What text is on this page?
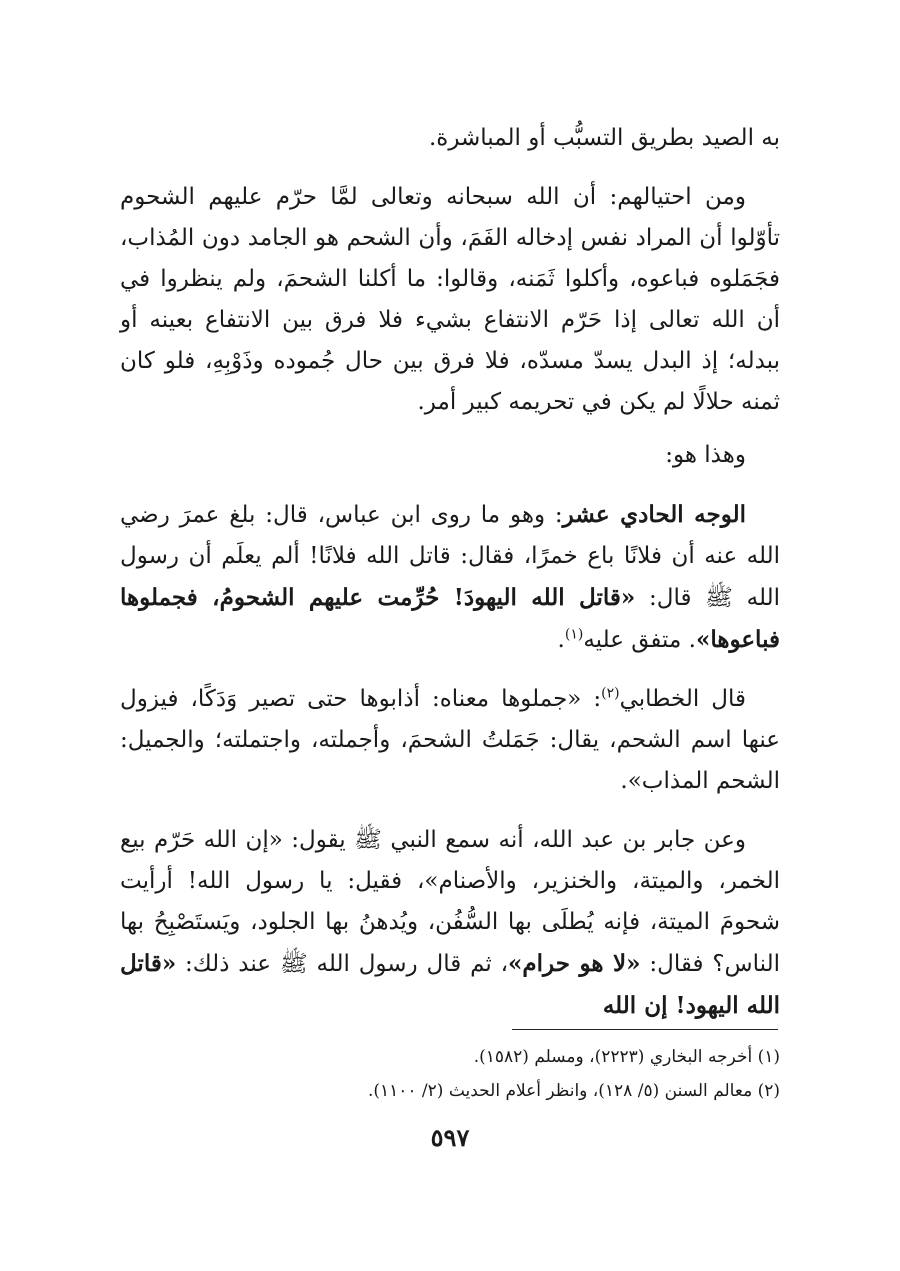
به الصيد بطريق التسبُّب أو المباشرة.

ومن احتيالهم: أن الله سبحانه وتعالى لمَّا حرّم عليهم الشحوم تأوّلوا أن المراد نفس إدخاله الفَمَ، وأن الشحم هو الجامد دون المُذاب، فجَمَلوه فباعوه، وأكلوا ثَمَنه، وقالوا: ما أكلنا الشحمَ، ولم ينظروا في أن الله تعالى إذا حَرّم الانتفاع بشيء فلا فرق بين الانتفاع بعينه أو ببدله؛ إذ البدل يسدّ مسدّه، فلا فرق بين حال جُموده وذَوْبِهِ، فلو كان ثمنه حلالًا لم يكن في تحريمه كبير أمر.

وهذا هو:

الوجه الحادي عشر: وهو ما روى ابن عباس، قال: بلغ عمرَ رضي الله عنه أن فلانًا باع خمرًا، فقال: قاتل الله فلانًا! ألم يعلَم أن رسول الله ﷺ قال: «قاتل الله اليهودَ! حُرِّمت عليهم الشحومُ، فجملوها فباعوها». متفق عليه$^{(١)}$.

قال الخطابي$^{(٢)}$: «جملوها معناه: أذابوها حتى تصير وَدَكًا، فيزول عنها اسم الشحم، يقال: جَمَلتُ الشحمَ، وأجملته، واجتملته؛ والجميل: الشحم المذاب».

وعن جابر بن عبد الله، أنه سمع النبي ﷺ يقول: «إن الله حَرّم بيع الخمر، والميتة، والخنزير، والأصنام»، فقيل: يا رسول الله! أرأيت شحومَ الميتة، فإنه يُطلَى بها السُّفُن، ويُدهنُ بها الجلود، ويَستَصْبِحُ بها الناس؟ فقال: «لا هو حرام»، ثم قال رسول الله ﷺ عند ذلك: «قاتل الله اليهود! إن الله

(١) أخرجه البخاري (٢٢٢٣)، ومسلم (١٥٨٢).

(٢) معالم السنن (٥/ ١٢٨)، وانظر أعلام الحديث (٢/ ١١٠٠).

٥٩٧
